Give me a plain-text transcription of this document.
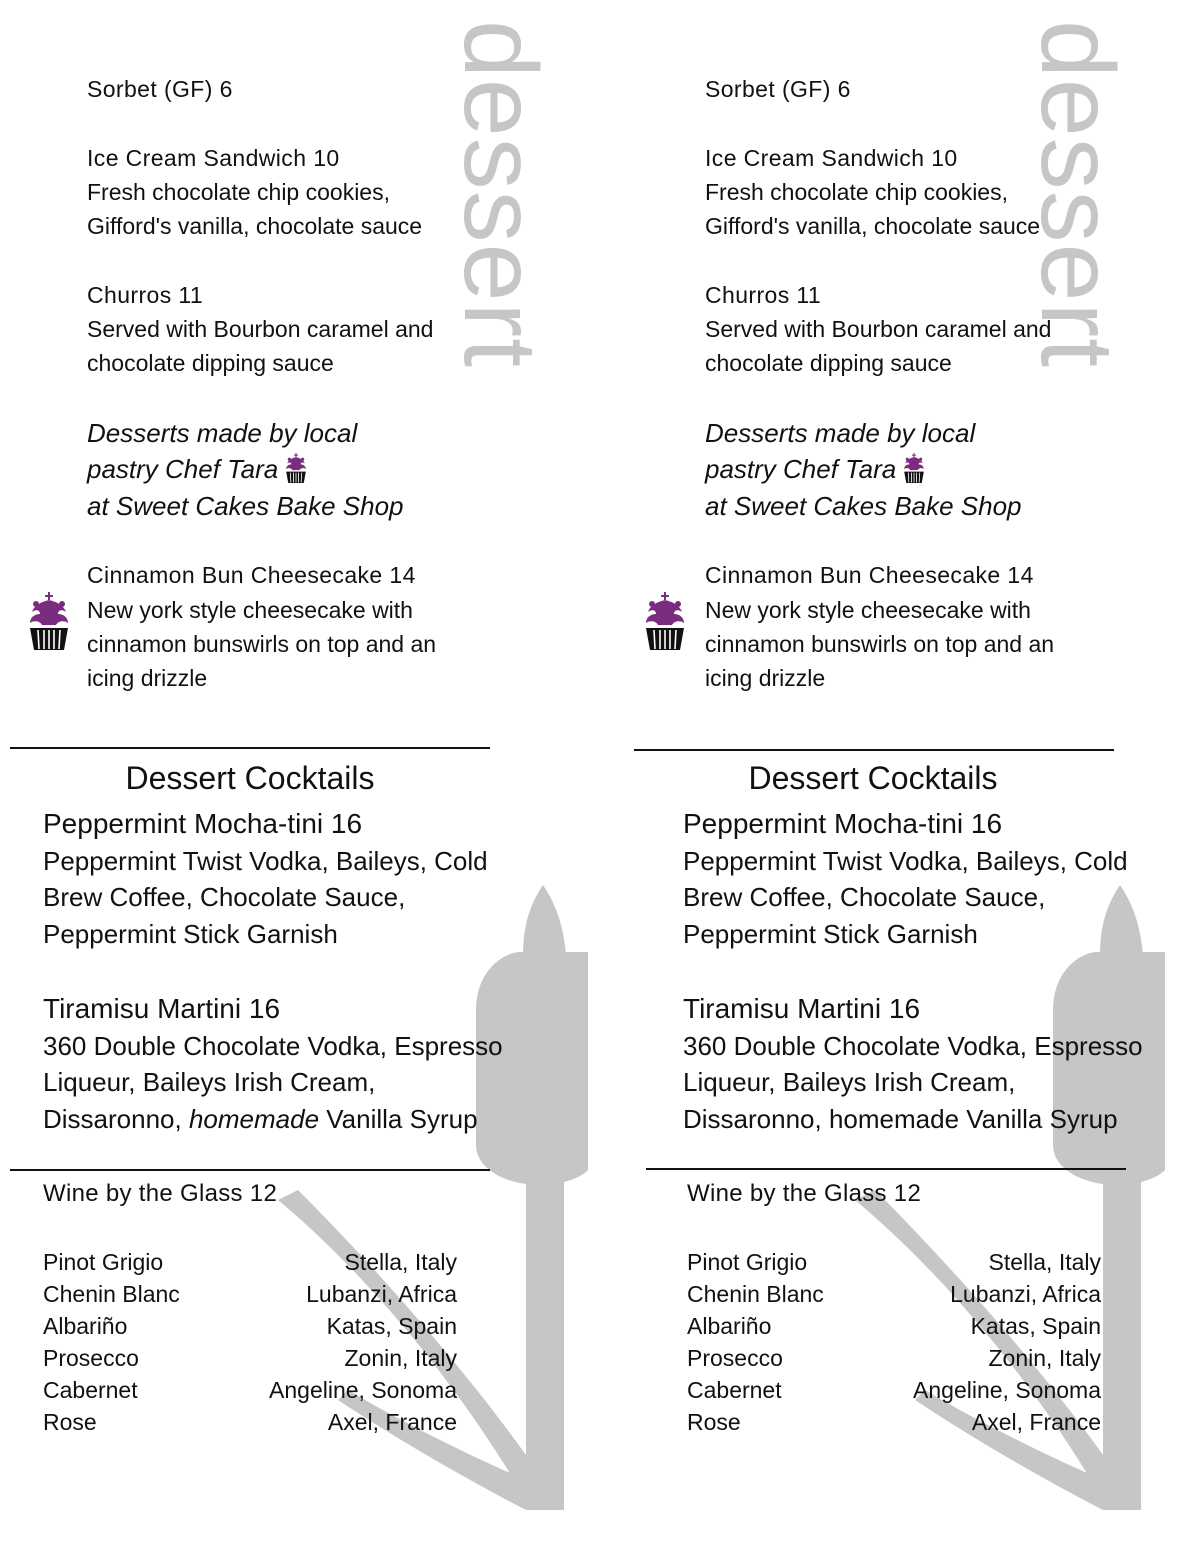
dessert
Sorbet (GF) 6
Ice Cream Sandwich 10
Fresh chocolate chip cookies,
Gifford's vanilla, chocolate sauce
Churros 11
Served with Bourbon caramel and
chocolate dipping sauce
Desserts made by local
pastry Chef Tara
at Sweet Cakes Bake Shop
Cinnamon Bun Cheesecake 14
New york style cheesecake with
cinnamon bunswirls on top and an
icing drizzle
Dessert Cocktails
Peppermint Mocha-tini 16
Peppermint Twist Vodka, Baileys, Cold
Brew Coffee, Chocolate Sauce,
Peppermint Stick Garnish
Tiramisu Martini 16
360 Double Chocolate Vodka, Espresso
Liqueur, Baileys Irish Cream,
Dissaronno, homemade Vanilla Syrup
Wine by the Glass 12
Pinot Grigio	Stella, Italy
Chenin Blanc	Lubanzi, Africa
Albariño	Katas, Spain
Prosecco	Zonin, Italy
Cabernet	Angeline, Sonoma
Rose	Axel, France
dessert
Sorbet (GF) 6
Ice Cream Sandwich 10
Fresh chocolate chip cookies,
Gifford's vanilla, chocolate sauce
Churros 11
Served with Bourbon caramel and
chocolate dipping sauce
Desserts made by local
pastry Chef Tara
at Sweet Cakes Bake Shop
Cinnamon Bun Cheesecake 14
New york style cheesecake with
cinnamon bunswirls on top and an
icing drizzle
Dessert Cocktails
Peppermint Mocha-tini 16
Peppermint Twist Vodka, Baileys, Cold
Brew Coffee, Chocolate Sauce,
Peppermint Stick Garnish
Tiramisu Martini 16
360 Double Chocolate Vodka, Espresso
Liqueur, Baileys Irish Cream,
Dissaronno, homemade Vanilla Syrup
Wine by the Glass 12
Pinot Grigio	Stella, Italy
Chenin Blanc	Lubanzi, Africa
Albariño	Katas, Spain
Prosecco	Zonin, Italy
Cabernet	Angeline, Sonoma
Rose	Axel, France
